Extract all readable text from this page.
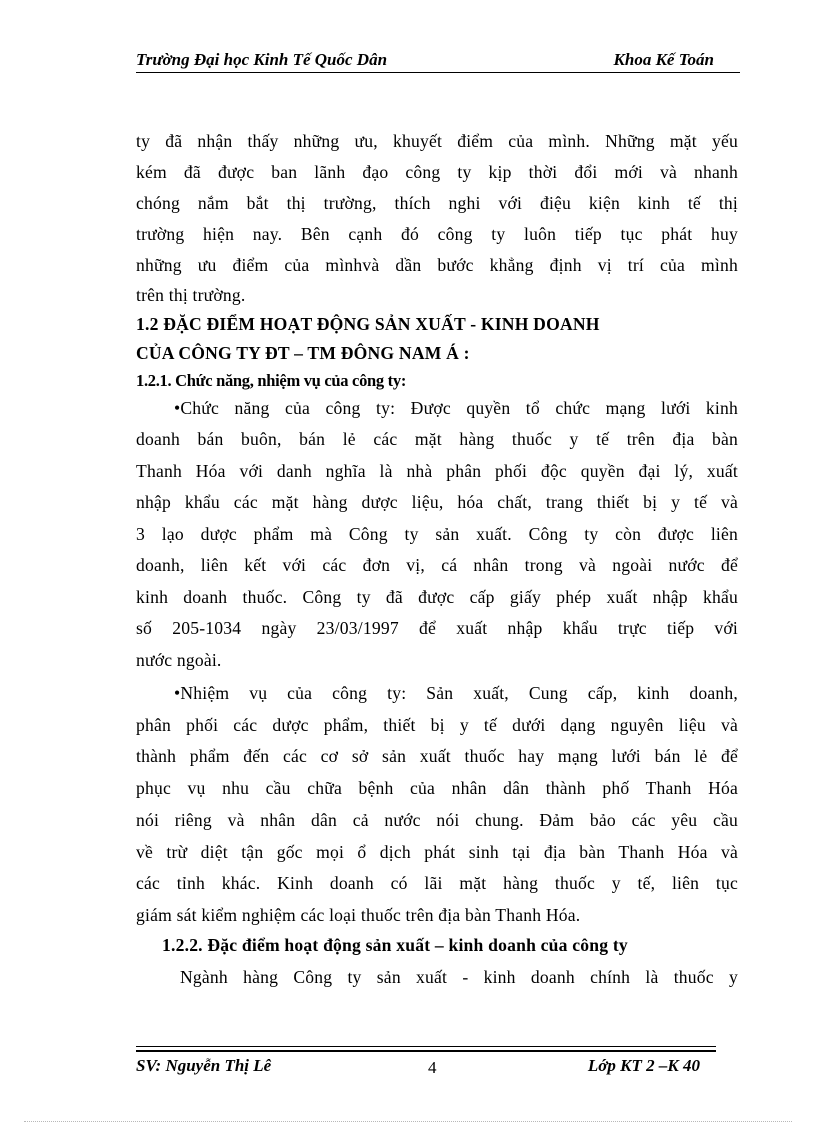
Trường Đại học Kinh Tế Quốc Dân	Khoa Kế Toán
ty đã nhận thấy những ưu, khuyết điểm của mình. Những mặt yếu
kém đã được ban lãnh đạo công ty kịp thời đổi mới và nhanh
chóng nắm bắt thị trường, thích nghi với điệu kiện kinh tế thị
trường hiện nay. Bên cạnh đó công ty luôn tiếp tục phát huy
những ưu điểm của mìnhvà dần bước khẳng định vị trí của mình
trên thị trường.
1.2 ĐẶC ĐIỂM HOẠT ĐỘNG SẢN XUẤT - KINH DOANH
CỦA CÔNG TY ĐT – TM ĐÔNG NAM Á :
1.2.1. Chức năng, nhiệm vụ của công ty:
•Chức năng của công ty: Được quyền tổ chức mạng lưới kinh
doanh bán buôn, bán lẻ các mặt hàng thuốc y tế trên địa bàn
Thanh Hóa với danh nghĩa là nhà phân phối độc quyền đại lý, xuất
nhập khẩu các mặt hàng dược liệu, hóa chất, trang thiết bị y tế và
3 lạo dược phẩm mà Công ty sản xuất. Công ty còn được liên
doanh, liên kết với các đơn vị, cá nhân trong và ngoài nước để
kinh doanh thuốc. Công ty đã được cấp giấy phép xuất nhập khẩu
số 205-1034 ngày 23/03/1997 để xuất nhập khẩu trực tiếp với
nước ngoài.
•Nhiệm vụ của công ty: Sản xuất, Cung cấp, kinh doanh,
phân phối các dược phẩm, thiết bị y tế dưới dạng nguyên liệu và
thành phẩm đến các cơ sở sản xuất thuốc hay mạng lưới bán lẻ để
phục vụ nhu cầu chữa bệnh của nhân dân thành phố Thanh Hóa
nói riêng và nhân dân cả nước nói chung. Đảm bảo các yêu cầu
về trừ diệt tận gốc mọi ổ dịch phát sinh tại địa bàn Thanh Hóa và
các tỉnh khác. Kinh doanh có lãi mặt hàng thuốc y tế, liên tục
giám sát kiểm nghiệm các loại thuốc trên địa bàn Thanh Hóa.
1.2.2. Đặc điểm hoạt động sản xuất – kinh doanh của công ty
Ngành hàng Công ty sản xuất - kinh doanh chính là thuốc y
SV: Nguyễn Thị Lê	4	Lớp KT 2 –K 40
